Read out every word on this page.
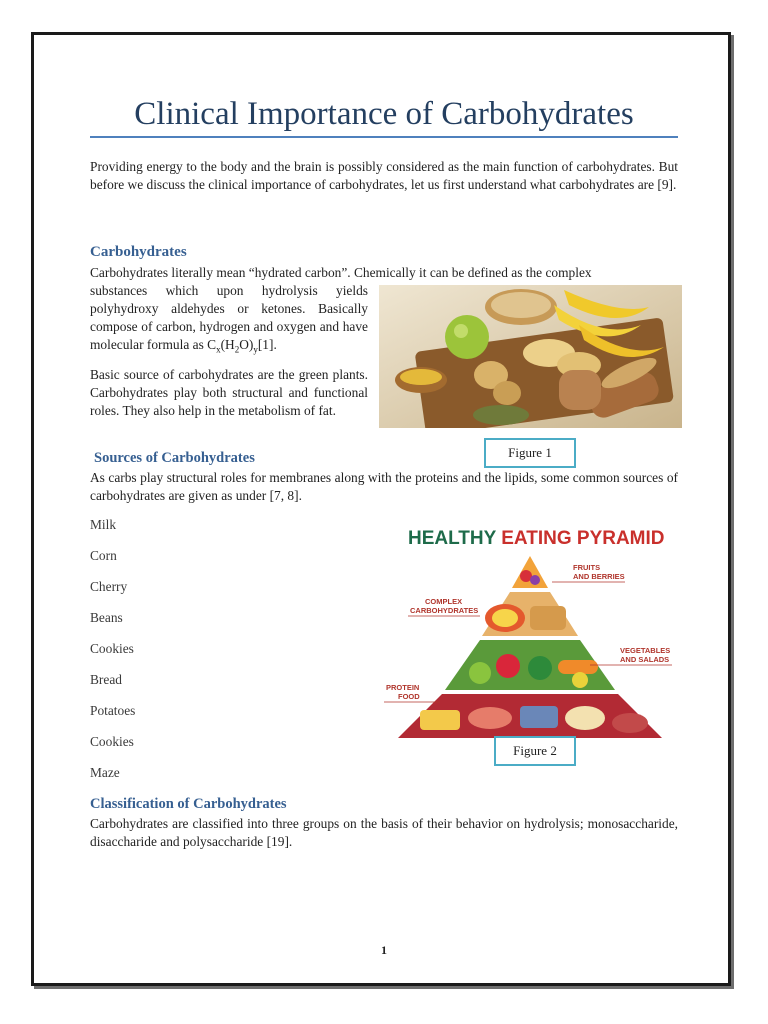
Clinical Importance of Carbohydrates

Providing energy to the body and the brain is possibly considered as the main function of carbohydrates. But before we discuss the clinical importance of carbohydrates, let us first understand what carbohydrates are [9].

Carbohydrates

Carbohydrates literally mean “hydrated carbon”. Chemically it can be defined as the complex

substances which upon hydrolysis yields polyhydroxy aldehydes or ketones. Basically compose of carbon, hydrogen and oxygen and have molecular formula as $C_x(H_2O)_y[1]$.

Basic source of carbohydrates are the green plants. Carbohydrates play both structural and functional roles. They also help in the metabolism of fat.

Figure 1
Sources of Carbohydrates

As carbs play structural roles for membranes along with the proteins and the lipids, some common sources of carbohydrates are given as under [7, 8].

Milk
Corn
Cherry
Beans
Cookies
Bread
Potatoes
Cookies
Maze
HEALTHY EATING PYRAMID
FRUITS
AND BERRIES
COMPLEX
CARBOHYDRATES
VEGETABLES
AND SALADS
PROTEIN
FOOD
Figure 2
Classification of Carbohydrates

Carbohydrates are classified into three groups on the basis of their behavior on hydrolysis; monosaccharide, disaccharide and polysaccharide [19].

1
